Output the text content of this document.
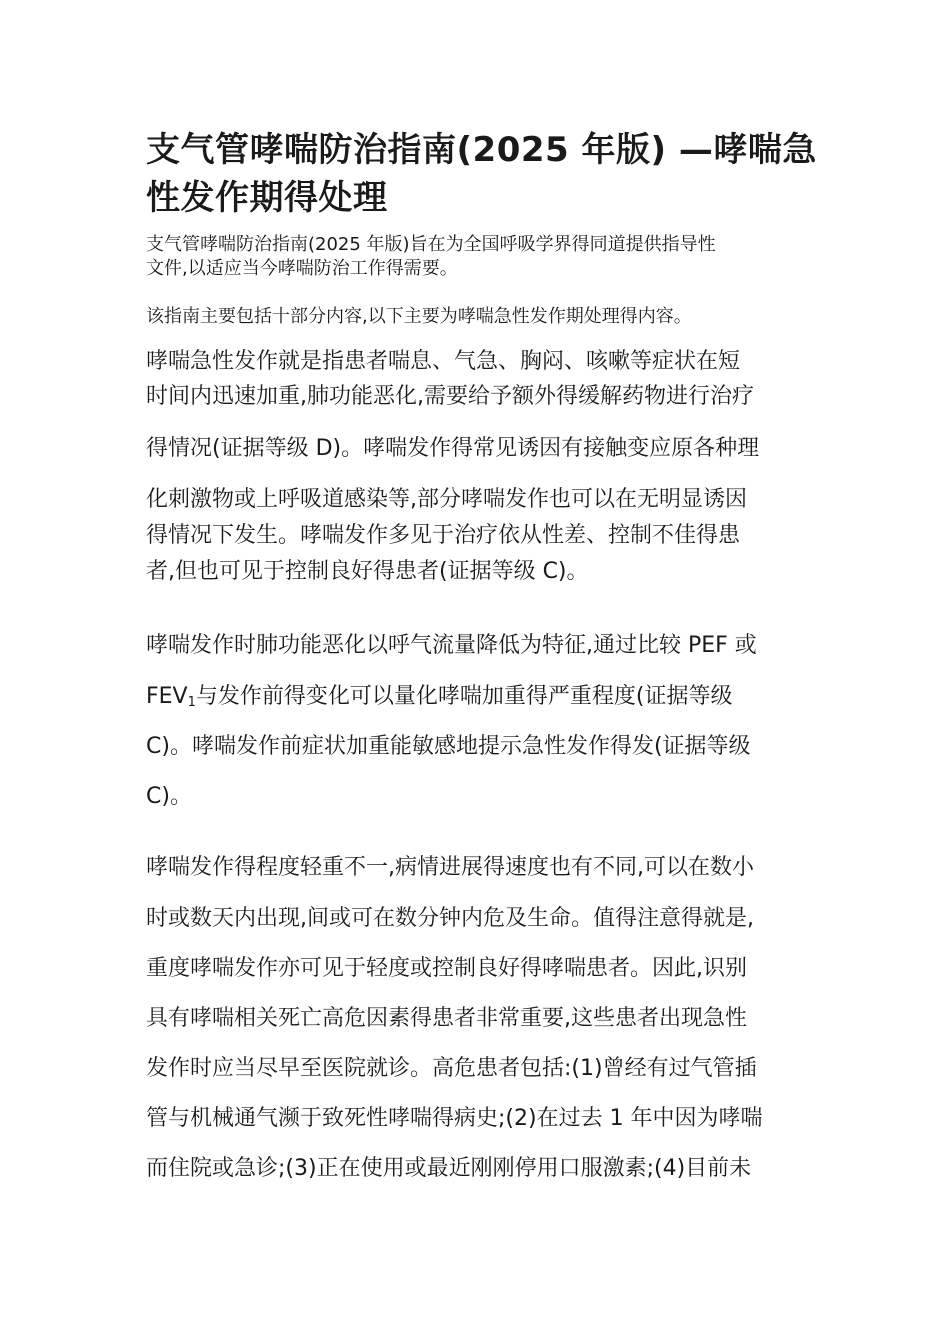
支气管哮喘防治指南(2025 年版) —哮喘急
性发作期得处理

支气管哮喘防治指南(2025 年版)旨在为全国呼吸学界得同道提供指导性

文件,以适应当今哮喘防治工作得需要。

该指南主要包括十部分内容,以下主要为哮喘急性发作期处理得内容。

哮喘急性发作就是指患者喘息、气急、胸闷、咳嗽等症状在短

时间内迅速加重,肺功能恶化,需要给予额外得缓解药物进行治疗

得情况(证据等级 D)。哮喘发作得常见诱因有接触变应原各种理

化刺激物或上呼吸道感染等,部分哮喘发作也可以在无明显诱因

得情况下发生。哮喘发作多见于治疗依从性差、控制不佳得患

者,但也可见于控制良好得患者(证据等级 C)。

哮喘发作时肺功能恶化以呼气流量降低为特征,通过比较 PEF 或

$FEV_1$与发作前得变化可以量化哮喘加重得严重程度(证据等级

C)。哮喘发作前症状加重能敏感地提示急性发作得发(证据等级

C)。

哮喘发作得程度轻重不一,病情进展得速度也有不同,可以在数小

时或数天内出现,间或可在数分钟内危及生命。值得注意得就是,

重度哮喘发作亦可见于轻度或控制良好得哮喘患者。因此,识别

具有哮喘相关死亡高危因素得患者非常重要,这些患者出现急性

发作时应当尽早至医院就诊。高危患者包括:(1)曾经有过气管插

管与机械通气濒于致死性哮喘得病史;(2)在过去 1 年中因为哮喘

而住院或急诊;(3)正在使用或最近刚刚停用口服激素;(4)目前未
